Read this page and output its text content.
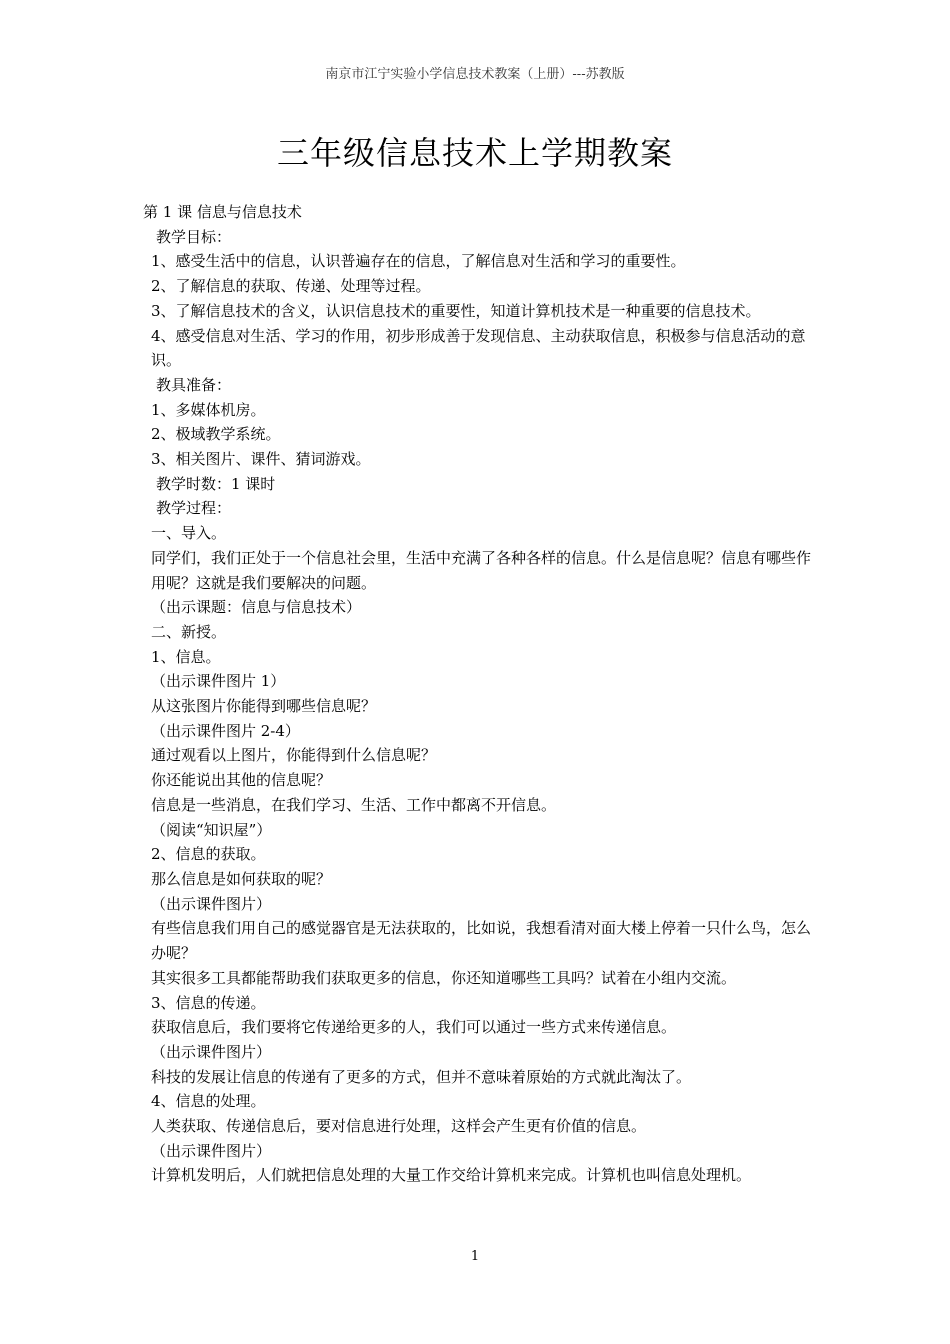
南京市江宁实验小学信息技术教案（上册）---苏教版
三年级信息技术上学期教案

第 1 课 信息与信息技术

教学目标：

1、感受生活中的信息，认识普遍存在的信息，了解信息对生活和学习的重要性。

2、了解信息的获取、传递、处理等过程。

3、了解信息技术的含义，认识信息技术的重要性，知道计算机技术是一种重要的信息技术。

4、感受信息对生活、学习的作用，初步形成善于发现信息、主动获取信息，积极参与信息活动的意识。

教具准备：

1、多媒体机房。

2、极域教学系统。

3、相关图片、课件、猜词游戏。

教学时数：1 课时

教学过程：

一、导入。

同学们，我们正处于一个信息社会里，生活中充满了各种各样的信息。什么是信息呢？信息有哪些作用呢？这就是我们要解决的问题。

（出示课题：信息与信息技术）

二、新授。

1、信息。

（出示课件图片 1）

从这张图片你能得到哪些信息呢？

（出示课件图片 2-4）

通过观看以上图片，你能得到什么信息呢？

你还能说出其他的信息呢？

信息是一些消息，在我们学习、生活、工作中都离不开信息。

（阅读“知识屋”）

2、信息的获取。

那么信息是如何获取的呢？

（出示课件图片）

有些信息我们用自己的感觉器官是无法获取的，比如说，我想看清对面大楼上停着一只什么鸟，怎么办呢？

其实很多工具都能帮助我们获取更多的信息，你还知道哪些工具吗？试着在小组内交流。

3、信息的传递。

获取信息后，我们要将它传递给更多的人，我们可以通过一些方式来传递信息。

（出示课件图片）

科技的发展让信息的传递有了更多的方式，但并不意味着原始的方式就此淘汰了。

4、信息的处理。

人类获取、传递信息后，要对信息进行处理，这样会产生更有价值的信息。

（出示课件图片）

计算机发明后，人们就把信息处理的大量工作交给计算机来完成。计算机也叫信息处理机。

1
